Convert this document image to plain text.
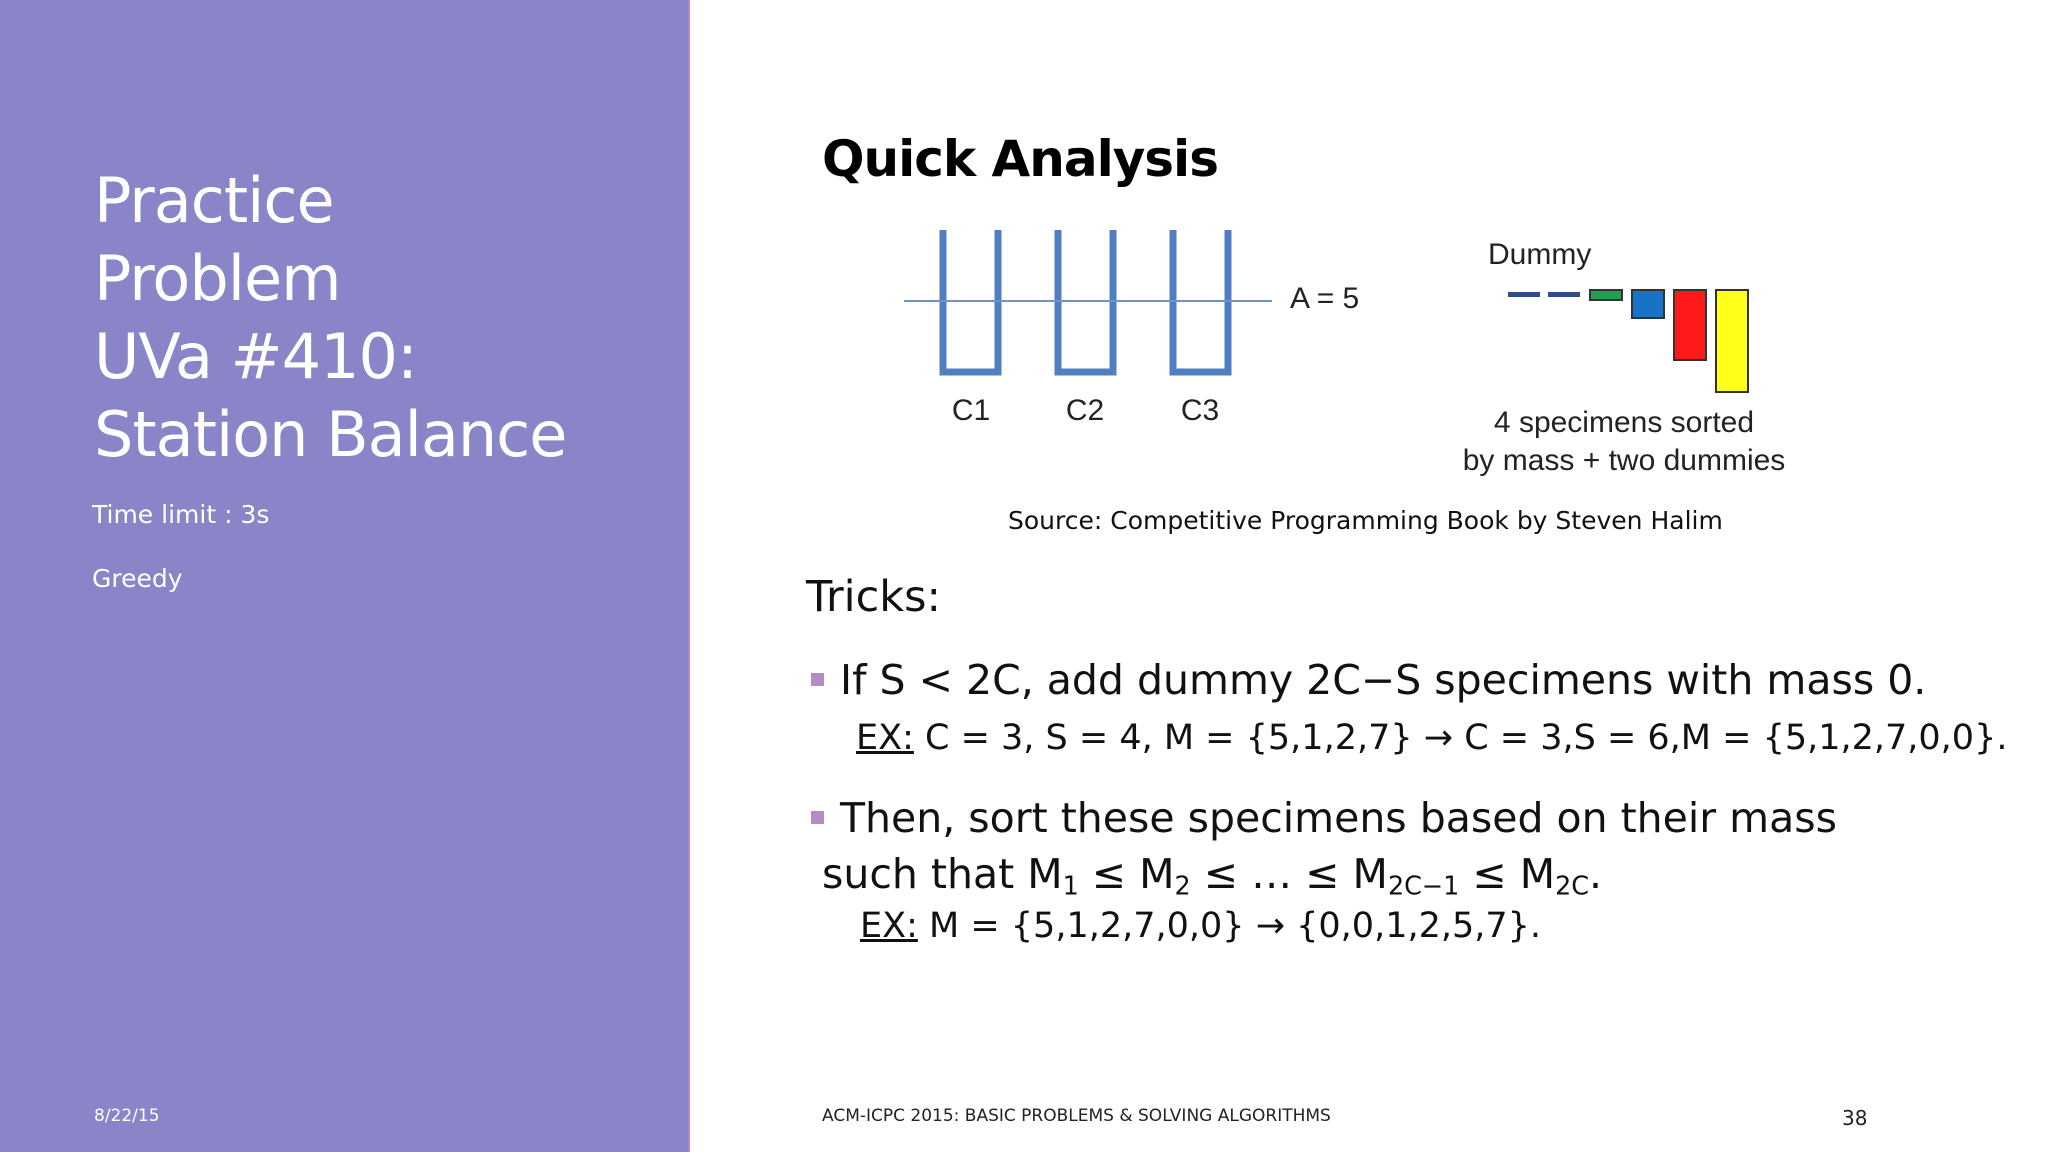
Practice
Problem
UVa #410:
Station Balance
Time limit : 3s
Greedy
8/22/15
Quick Analysis
A = 5
C1	C2	C3
Dummy
4 specimens sorted
by mass + two dummies
Source: Competitive Programming Book by Steven Halim
Tricks:
If S < 2C, add dummy 2C−S specimens with mass 0.
EX: C = 3, S = 4, M = {5,1,2,7} → C = 3,S = 6,M = {5,1,2,7,0,0}.
Then, sort these specimens based on their mass
such that $M_1 \le M_2$ ≤ … ≤ $M_{2C-1} \le M_{2C}$.
EX: M = {5,1,2,7,0,0} → {0,0,1,2,5,7}.
ACM-ICPC 2015: BASIC PROBLEMS & SOLVING ALGORITHMS	38
